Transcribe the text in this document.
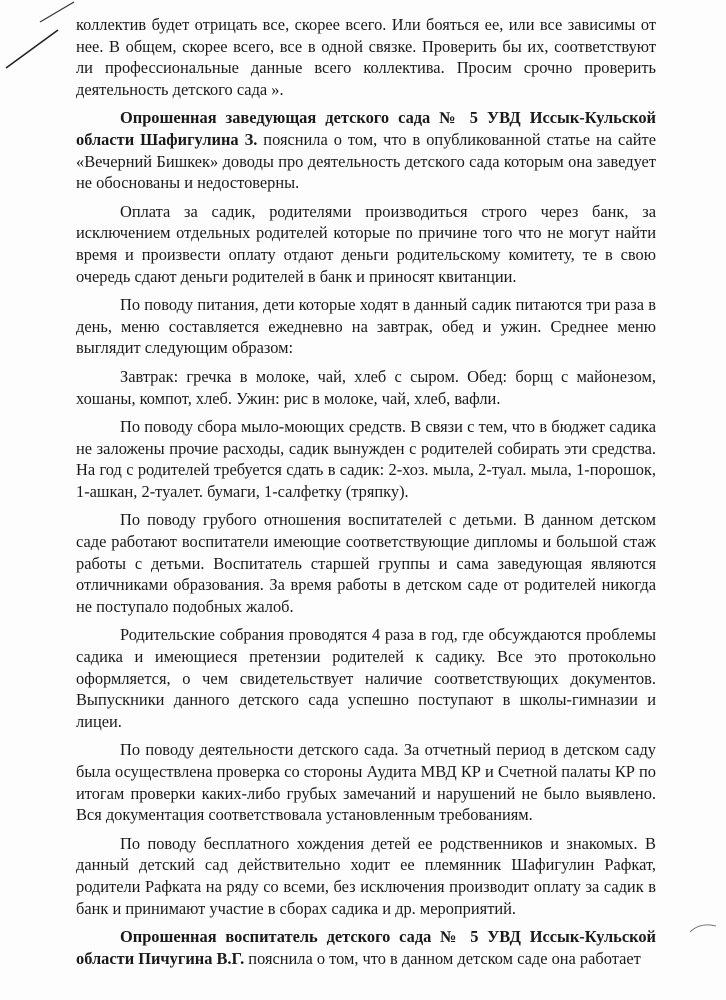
коллектив будет отрицать все, скорее всего. Или бояться ее, или все зависимы от нее. В общем, скорее всего, все в одной связке. Проверить бы их, соответствуют ли профессиональные данные всего коллектива. Просим срочно проверить деятельность детского сада ».

Опрошенная заведующая детского сада № 5 УВД Иссык-Кульской области Шафигулина З. пояснила о том, что в опубликованной статье на сайте «Вечерний Бишкек» доводы про деятельность детского сада которым она заведует не обоснованы и недостоверны.

Оплата за садик, родителями производиться строго через банк, за исключением отдельных родителей которые по причине того что не могут найти время и произвести оплату отдают деньги родительскому комитету, те в свою очередь сдают деньги родителей в банк и приносят квитанции.

По поводу питания, дети которые ходят в данный садик питаются три раза в день, меню составляется ежедневно на завтрак, обед и ужин. Среднее меню выглядит следующим образом:

Завтрак: гречка в молоке, чай, хлеб с сыром. Обед: борщ с майонезом, хошаны, компот, хлеб. Ужин: рис в молоке, чай, хлеб, вафли.

По поводу сбора мыло-моющих средств. В связи с тем, что в бюджет садика не заложены прочие расходы, садик вынужден с родителей собирать эти средства. На год с родителей требуется сдать в садик: 2-хоз. мыла, 2-туал. мыла, 1-порошок, 1-ашкан, 2-туалет. бумаги, 1-салфетку (тряпку).

По поводу грубого отношения воспитателей с детьми. В данном детском саде работают воспитатели имеющие соответствующие дипломы и большой стаж работы с детьми. Воспитатель старшей группы и сама заведующая являются отличниками образования. За время работы в детском саде от родителей никогда не поступало подобных жалоб.

Родительские собрания проводятся 4 раза в год, где обсуждаются проблемы садика и имеющиеся претензии родителей к садику. Все это протокольно оформляется, о чем свидетельствует наличие соответствующих документов. Выпускники данного детского сада успешно поступают в школы-гимназии и лицеи.

По поводу деятельности детского сада. За отчетный период в детском саду была осуществлена проверка со стороны Аудита МВД КР и Счетной палаты КР по итогам проверки каких-либо грубых замечаний и нарушений не было выявлено. Вся документация соответствовала установленным требованиям.

По поводу бесплатного хождения детей ее родственников и знакомых. В данный детский сад действительно ходит ее племянник Шафигулин Рафкат, родители Рафката на ряду со всеми, без исключения производит оплату за садик в банк и принимают участие в сборах садика и др. мероприятий.

Опрошенная воспитатель детского сада № 5 УВД Иссык-Кульской области Пичугина В.Г. пояснила о том, что в данном детском саде она работает
